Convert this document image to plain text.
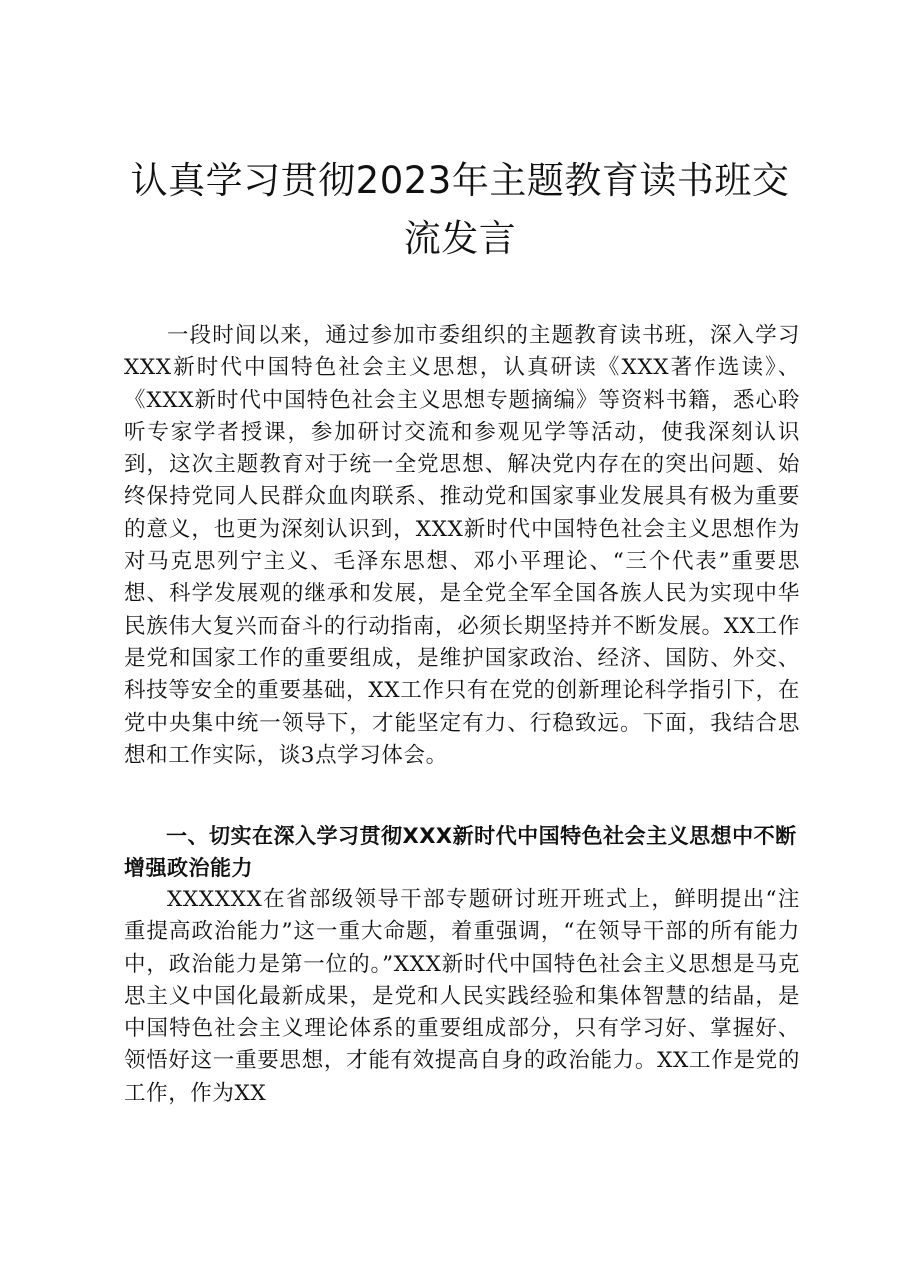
认真学习贯彻2023年主题教育读书班交流发言
一段时间以来，通过参加市委组织的主题教育读书班，深入学习XXX新时代中国特色社会主义思想，认真研读《XXX著作选读》、《XXX新时代中国特色社会主义思想专题摘编》等资料书籍，悉心聆听专家学者授课，参加研讨交流和参观见学等活动，使我深刻认识到，这次主题教育对于统一全党思想、解决党内存在的突出问题、始终保持党同人民群众血肉联系、推动党和国家事业发展具有极为重要的意义，也更为深刻认识到，XXX新时代中国特色社会主义思想作为对马克思列宁主义、毛泽东思想、邓小平理论、“三个代表”重要思想、科学发展观的继承和发展，是全党全军全国各族人民为实现中华民族伟大复兴而奋斗的行动指南，必须长期坚持并不断发展。XX工作是党和国家工作的重要组成，是维护国家政治、经济、国防、外交、科技等安全的重要基础，XX工作只有在党的创新理论科学指引下，在党中央集中统一领导下，才能坚定有力、行稳致远。下面，我结合思想和工作实际，谈3点学习体会。
一、切实在深入学习贯彻XXX新时代中国特色社会主义思想中不断增强政治能力
XXXXXX在省部级领导干部专题研讨班开班式上，鲜明提出“注重提高政治能力”这一重大命题，着重强调，“在领导干部的所有能力中，政治能力是第一位的。”XXX新时代中国特色社会主义思想是马克思主义中国化最新成果，是党和人民实践经验和集体智慧的结晶，是中国特色社会主义理论体系的重要组成部分，只有学习好、掌握好、领悟好这一重要思想，才能有效提高自身的政治能力。XX工作是党的工作，作为XX
